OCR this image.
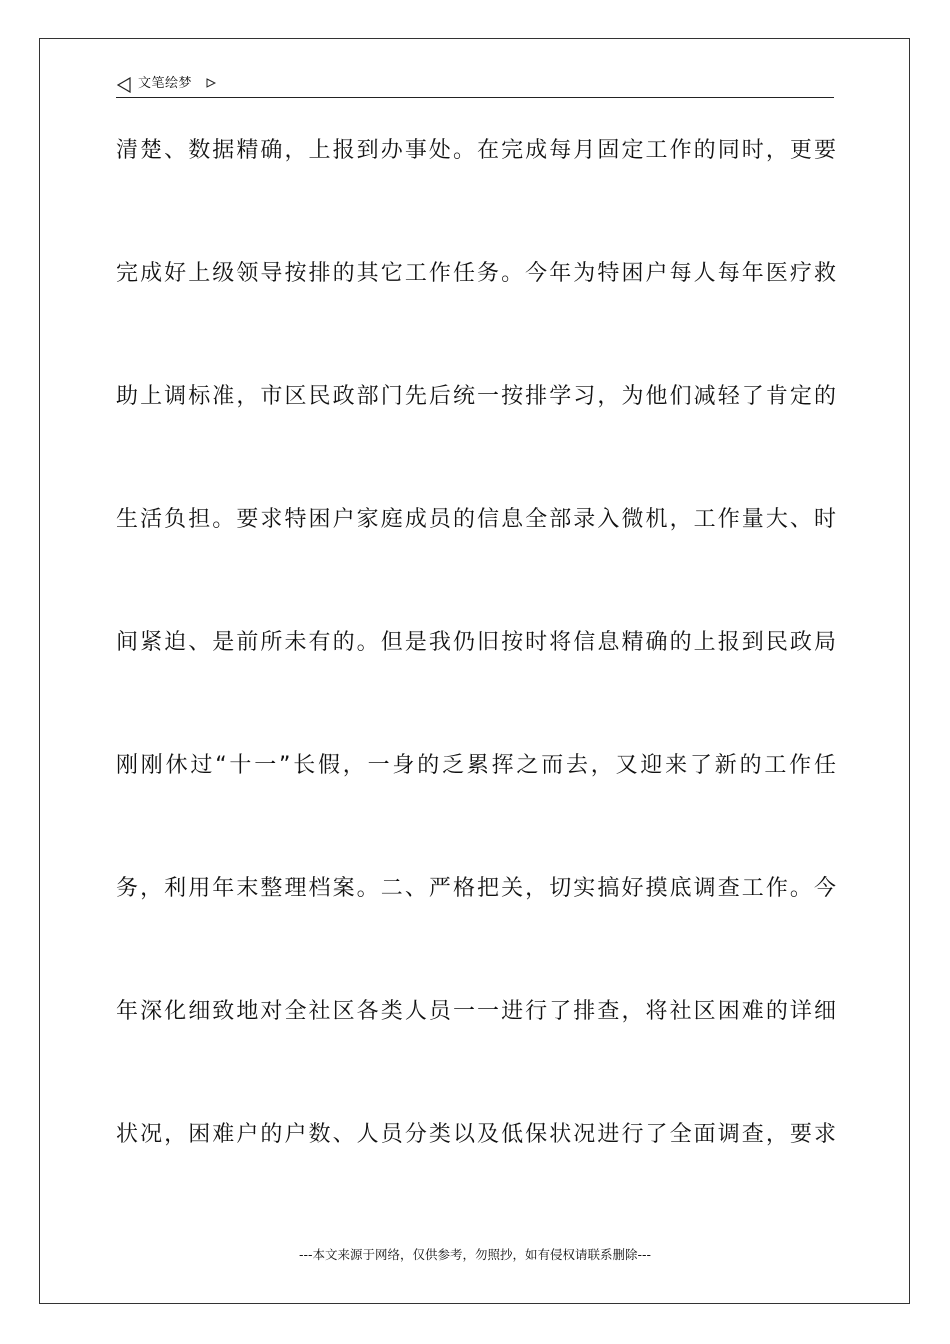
文笔绘梦
清楚、数据精确，上报到办事处。在完成每月固定工作的同时，更要
完成好上级领导按排的其它工作任务。今年为特困户每人每年医疗救
助上调标准，市区民政部门先后统一按排学习，为他们减轻了肯定的
生活负担。要求特困户家庭成员的信息全部录入微机，工作量大、时
间紧迫、是前所未有的。但是我仍旧按时将信息精确的上报到民政局
刚刚休过“十一”长假，一身的乏累挥之而去，又迎来了新的工作任
务，利用年末整理档案。二、严格把关，切实搞好摸底调查工作。今
年深化细致地对全社区各类人员一一进行了排查，将社区困难的详细
状况，困难户的户数、人员分类以及低保状况进行了全面调查，要求
---本文来源于网络，仅供参考，勿照抄，如有侵权请联系删除---
